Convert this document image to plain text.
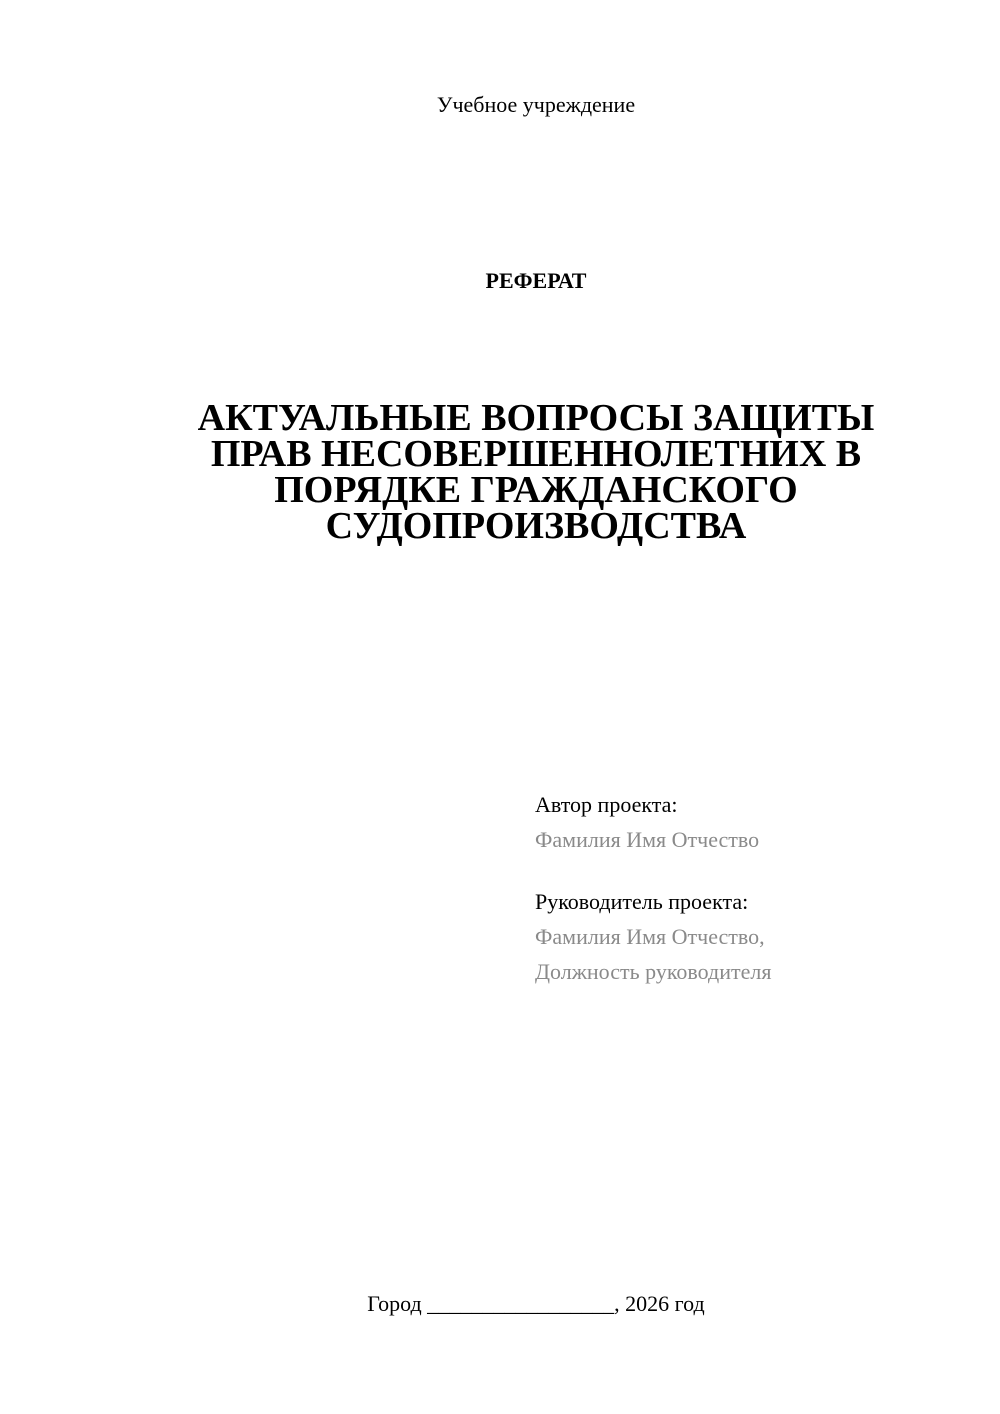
Учебное учреждение
РЕФЕРАТ
АКТУАЛЬНЫЕ ВОПРОСЫ ЗАЩИТЫ
ПРАВ НЕСОВЕРШЕННОЛЕТНИХ В
ПОРЯДКЕ ГРАЖДАНСКОГО
СУДОПРОИЗВОДСТВА
Автор проекта:
Фамилия Имя Отчество
Руководитель проекта:
Фамилия Имя Отчество,
Должность руководителя
Город _________________, 2026 год
